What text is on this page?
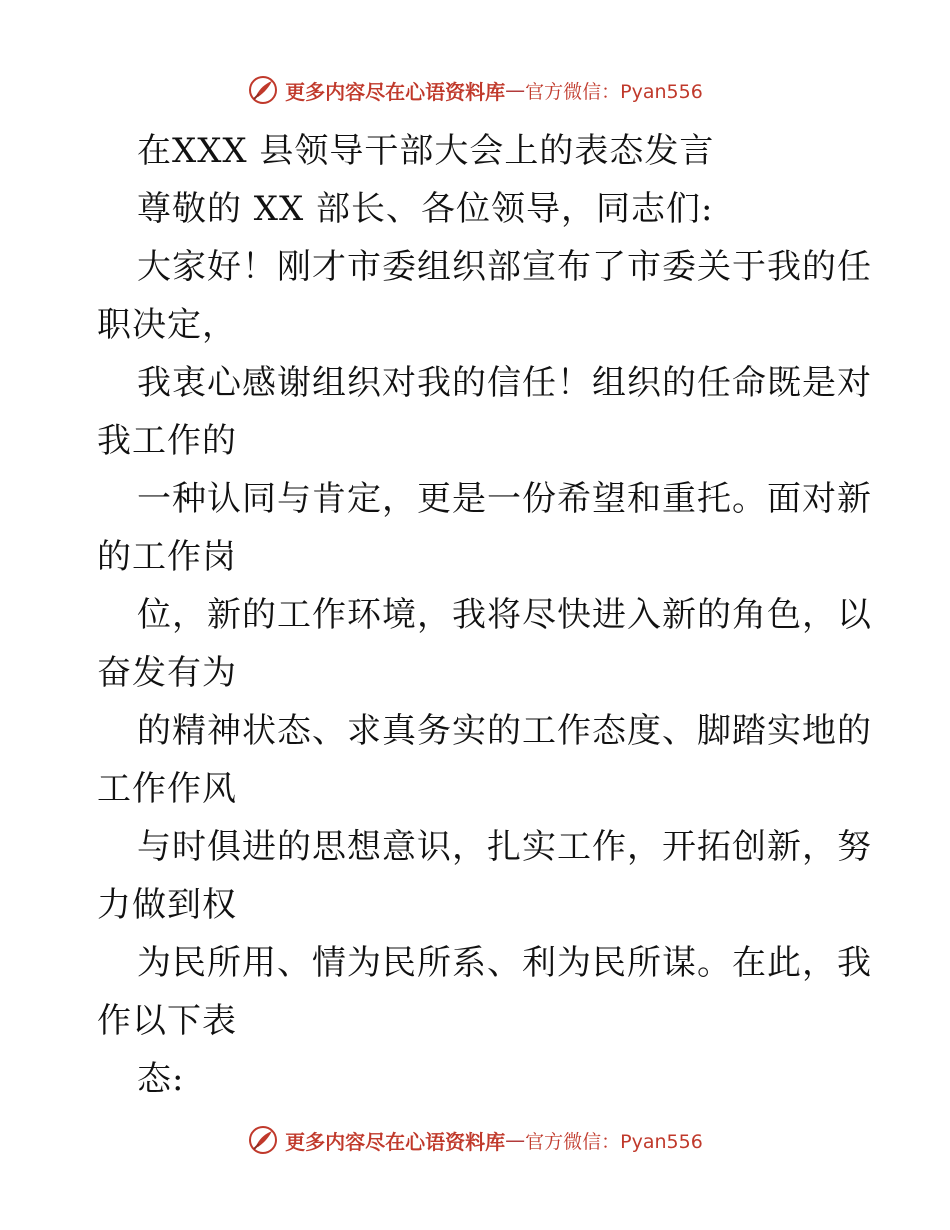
更多内容尽在心语资料库 — 官方微信：Pyan556
在XXX 县领导干部大会上的表态发言
尊敬的 XX 部长、各位领导，同志们:
大家好！刚才市委组织部宣布了市委关于我的任
职决定，
我衷心感谢组织对我的信任！组织的任命既是对
我工作的
一种认同与肯定，更是一份希望和重托。面对新
的工作岗
位，新的工作环境，我将尽快进入新的角色，以
奋发有为
的精神状态、求真务实的工作态度、脚踏实地的
工作作风
与时俱进的思想意识，扎实工作，开拓创新，努
力做到权
为民所用、情为民所系、利为民所谋。在此，我
作以下表
态:
更多内容尽在心语资料库 — 官方微信：Pyan556
